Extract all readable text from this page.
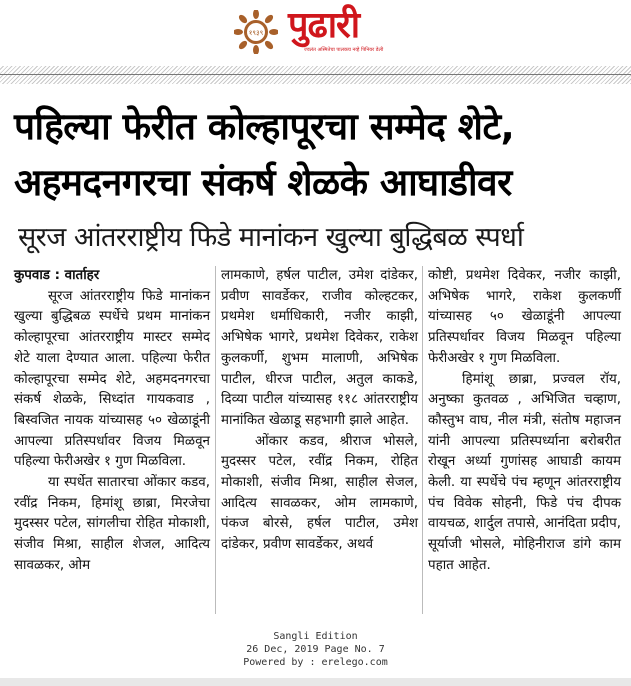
१९३९ पुढारी
ज्वलंत अस्मितेचा पालकच नव्हे पिनियर डेली
पहिल्या फेरीत कोल्हापूरचा सम्मेद शेटे,
अहमदनगरचा संकर्ष शेळके आघाडीवर
सूरज आंतरराष्ट्रीय फिडे मानांकन खुल्या बुद्धिबळ स्पर्धा

कुपवाड : वार्ताहर

सूरज आंतरराष्ट्रीय फिडे मानांकन खुल्या बुद्धिबळ स्पर्धेचे प्रथम मानांकन कोल्हापूरचा आंतरराष्ट्रीय मास्टर सम्मेद शेटे याला देण्यात आला. पहिल्या फेरीत कोल्हापूरचा सम्मेद शेटे, अहमदनगरचा संकर्ष शेळके, सिध्दांत गायकवाड , बिस्वजित नायक यांच्यासह ५० खेळाडूंनी आपल्या प्रतिस्पर्धावर विजय मिळवून पहिल्या फेरीअखेर १ गुण मिळविला.

या स्पर्धेत सातारचा ओंकार कडव, रवींद्र निकम, हिमांशू छाब्रा, मिरजेचा मुदस्सर पटेल, सांगलीचा रोहित मोकाशी, संजीव मिश्रा, साहील शेजल, आदित्य सावळकर, ओम

लामकाणे, हर्षल पाटील, उमेश दांडेकर, प्रवीण सावर्डेकर, राजीव कोल्हटकर, प्रथमेश धर्माधिकारी, नजीर काझी, अभिषेक भागरे, प्रथमेश दिवेकर, राकेश कुलकर्णी, शुभम मालाणी, अभिषेक पाटील, धीरज पाटील, अतुल काकडे, दिव्या पाटील यांच्यासह ११८ आंतरराष्ट्रीय मानांकित खेळाडू सहभागी झाले आहेत.

ओंकार कडव, श्रीराज भोसले, मुदस्सर पटेल, रवींद्र निकम, रोहित मोकाशी, संजीव मिश्रा, साहील सेजल, आदित्य सावळकर, ओम लामकाणे, पंकज बोरसे, हर्षल पाटील, उमेश दांडेकर, प्रवीण सावर्डेकर, अथर्व

कोष्टी, प्रथमेश दिवेकर, नजीर काझी, अभिषेक भागरे, राकेश कुलकर्णी यांच्यासह ५० खेळाडूंनी आपल्या प्रतिस्पर्धावर विजय मिळवून पहिल्या फेरीअखेर १ गुण मिळविला.

हिमांशू छाब्रा, प्रज्वल रॉय, अनुष्का कुतवळ , अभिजित चव्हाण, कौस्तुभ वाघ, नील मंत्री, संतोष महाजन यांनी आपल्या प्रतिस्पर्ध्याना बरोबरीत रोखून अर्ध्या गुणांसह आघाडी कायम केली. या स्पर्धेचे पंच म्हणून आंतरराष्ट्रीय पंच विवेक सोहनी, फिडे पंच दीपक वायचळ, शार्दुल तपासे, आनंदिता प्रदीप, सूर्याजी भोसले, मोहिनीराज डांगे काम पहात आहेत.

Sangli Edition
26 Dec, 2019 Page No. 7
Powered by : erelego.com
